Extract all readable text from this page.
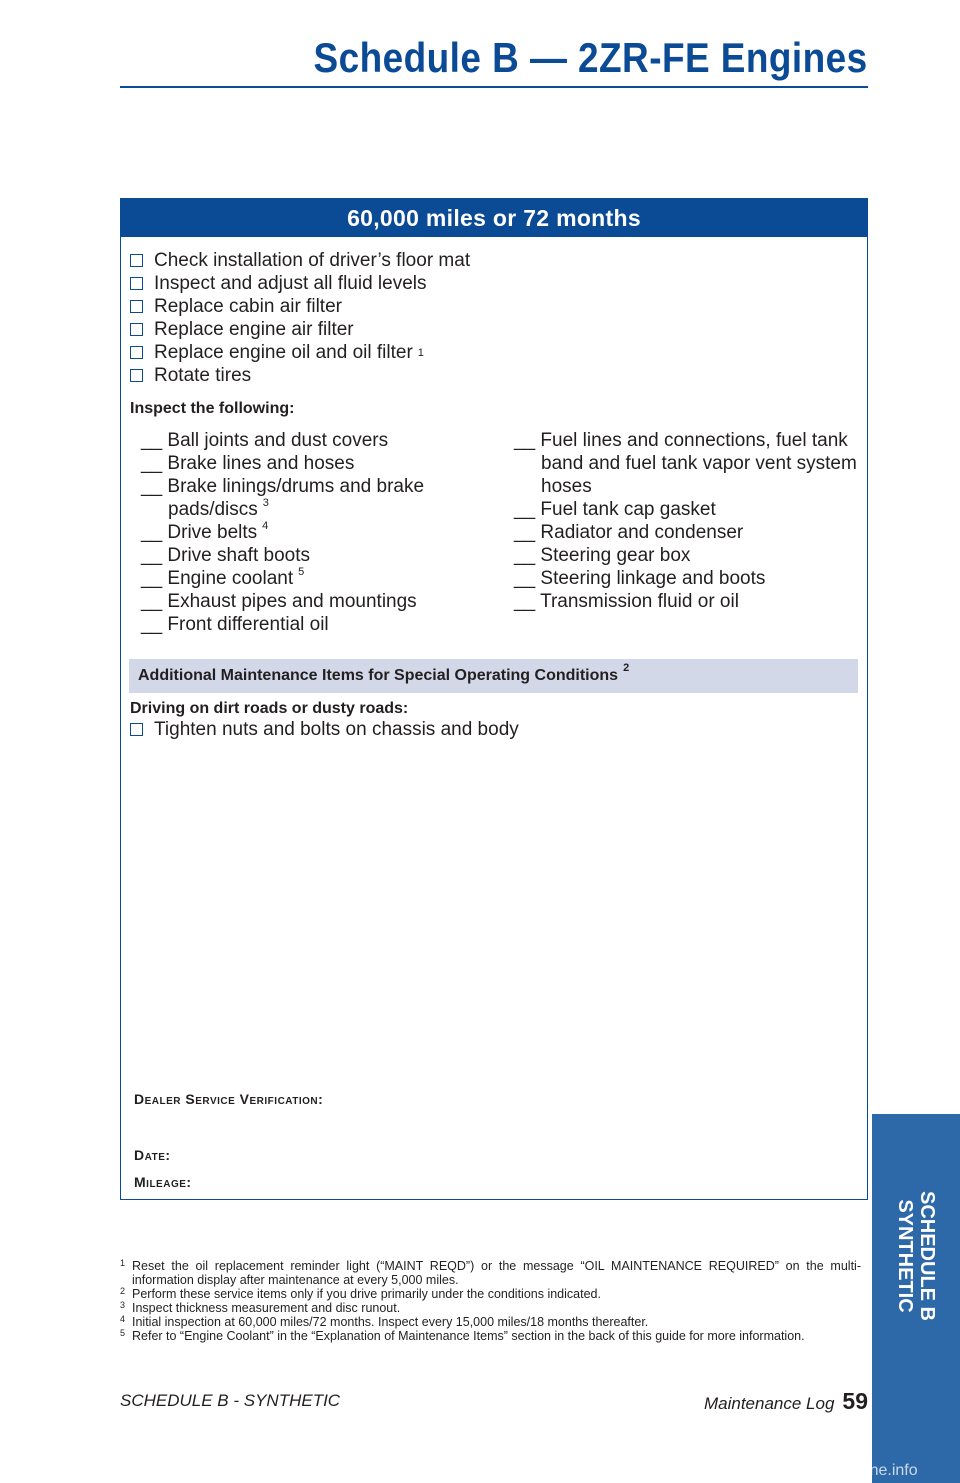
Schedule B — 2ZR-FE Engines
60,000 miles or 72 months
Check installation of driver’s floor mat
Inspect and adjust all fluid levels
Replace cabin air filter
Replace engine air filter
Replace engine oil and oil filter 1
Rotate tires
Inspect the following:
__ Ball joints and dust covers
__ Brake lines and hoses
__ Brake linings/drums and brake pads/discs $^3$
__ Drive belts $^4$
__ Drive shaft boots
__ Engine coolant $^5$
__ Exhaust pipes and mountings
__ Front differential oil
__ Fuel lines and connections, fuel tank band and fuel tank vapor vent system hoses
__ Fuel tank cap gasket
__ Radiator and condenser
__ Steering gear box
__ Steering linkage and boots
__ Transmission fluid or oil
Additional Maintenance Items for Special Operating Conditions $^2$
Driving on dirt roads or dusty roads:
Tighten nuts and bolts on chassis and body
Dealer Service Verification:
Date:
Mileage:
1 Reset the oil replacement reminder light (“MAINT REQD”) or the message “OIL MAINTENANCE REQUIRED” on the multi-information display after maintenance at every 5,000 miles.
2 Perform these service items only if you drive primarily under the conditions indicated.
3 Inspect thickness measurement and disc runout.
4 Initial inspection at 60,000 miles/72 months. Inspect every 15,000 miles/18 months thereafter.
5 Refer to “Engine Coolant” in the “Explanation of Maintenance Items” section in the back of this guide for more information.
SCHEDULE B - SYNTHETIC	Maintenance Log 59
SCHEDULE B
SYNTHETIC
carmanualsonline.info
